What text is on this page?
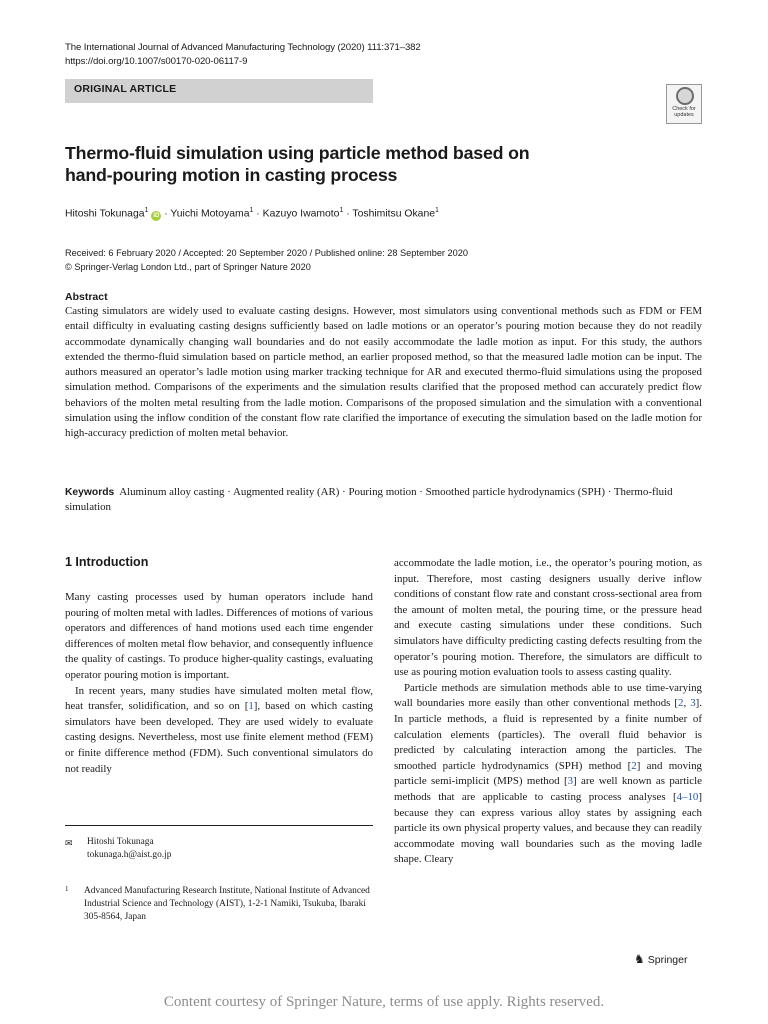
The International Journal of Advanced Manufacturing Technology (2020) 111:371–382
https://doi.org/10.1007/s00170-020-06117-9
ORIGINAL ARTICLE
Check for
updates
Thermo-fluid simulation using particle method based on hand-pouring motion in casting process
Hitoshi Tokunaga$^1$ iD · Yuichi Motoyama$^1$ · Kazuyo Iwamoto$^1$ · Toshimitsu Okane$^1$
Received: 6 February 2020 / Accepted: 20 September 2020 / Published online: 28 September 2020
© Springer-Verlag London Ltd., part of Springer Nature 2020
Abstract
Casting simulators are widely used to evaluate casting designs. However, most simulators using conventional methods such as FDM or FEM entail difficulty in evaluating casting designs sufficiently based on ladle motions or an operator’s pouring motion because they do not readily accommodate dynamically changing wall boundaries and do not easily accommodate the ladle motion as input. For this study, the authors extended the thermo-fluid simulation based on particle method, an earlier proposed method, so that the measured ladle motion can be input. The authors measured an operator’s ladle motion using marker tracking technique for AR and executed thermo-fluid simulations using the proposed simulation method. Comparisons of the experiments and the simulation results clarified that the proposed method can accurately predict flow behaviors of the molten metal resulting from the ladle motion. Comparisons of the proposed simulation and the simulation with a conventional simulation using the inflow condition of the constant flow rate clarified the importance of executing the simulation based on the ladle motion for high-accuracy prediction of molten metal behavior.
Keywords Aluminum alloy casting · Augmented reality (AR) · Pouring motion · Smoothed particle hydrodynamics (SPH) · Thermo-fluid simulation
1 Introduction

Many casting processes used by human operators include hand pouring of molten metal with ladles. Differences of motions of various operators and differences of hand motions used each time engender differences of molten metal flow behavior, and consequently influence the quality of castings. To produce higher-quality castings, evaluating operator pouring motion is important.

In recent years, many studies have simulated molten metal flow, heat transfer, solidification, and so on [1], based on which casting simulators have been developed. They are used widely to evaluate casting designs. Nevertheless, most use finite element method (FEM) or finite difference method (FDM). Such conventional simulators do not readily

accommodate the ladle motion, i.e., the operator’s pouring motion, as input. Therefore, most casting designers usually derive inflow conditions of constant flow rate and constant cross-sectional area from the amount of molten metal, the pouring time, or the pressure head and execute casting simulations under these conditions. Such simulators have difficulty predicting casting defects resulting from the operator’s pouring motion. Therefore, the simulators are difficult to use as pouring motion evaluation tools to assess casting quality.

Particle methods are simulation methods able to use time-varying wall boundaries more easily than other conventional methods [2, 3]. In particle methods, a fluid is represented by a finite number of calculation elements (particles). The overall fluid behavior is predicted by calculating interaction among the particles. The smoothed particle hydrodynamics (SPH) method [2] and moving particle semi-implicit (MPS) method [3] are well known as particle methods that are applicable to casting process analyses [4–10] because they can express various alloy states by assigning each particle its own physical property values, and because they can readily accommodate moving wall boundaries such as the moving ladle shape. Cleary

✉ Hitoshi Tokunaga
tokunaga.h@aist.go.jp
1 Advanced Manufacturing Research Institute, National Institute of Advanced Industrial Science and Technology (AIST), 1-2-1 Namiki, Tsukuba, Ibaraki 305-8564, Japan
♞ Springer
Content courtesy of Springer Nature, terms of use apply. Rights reserved.
